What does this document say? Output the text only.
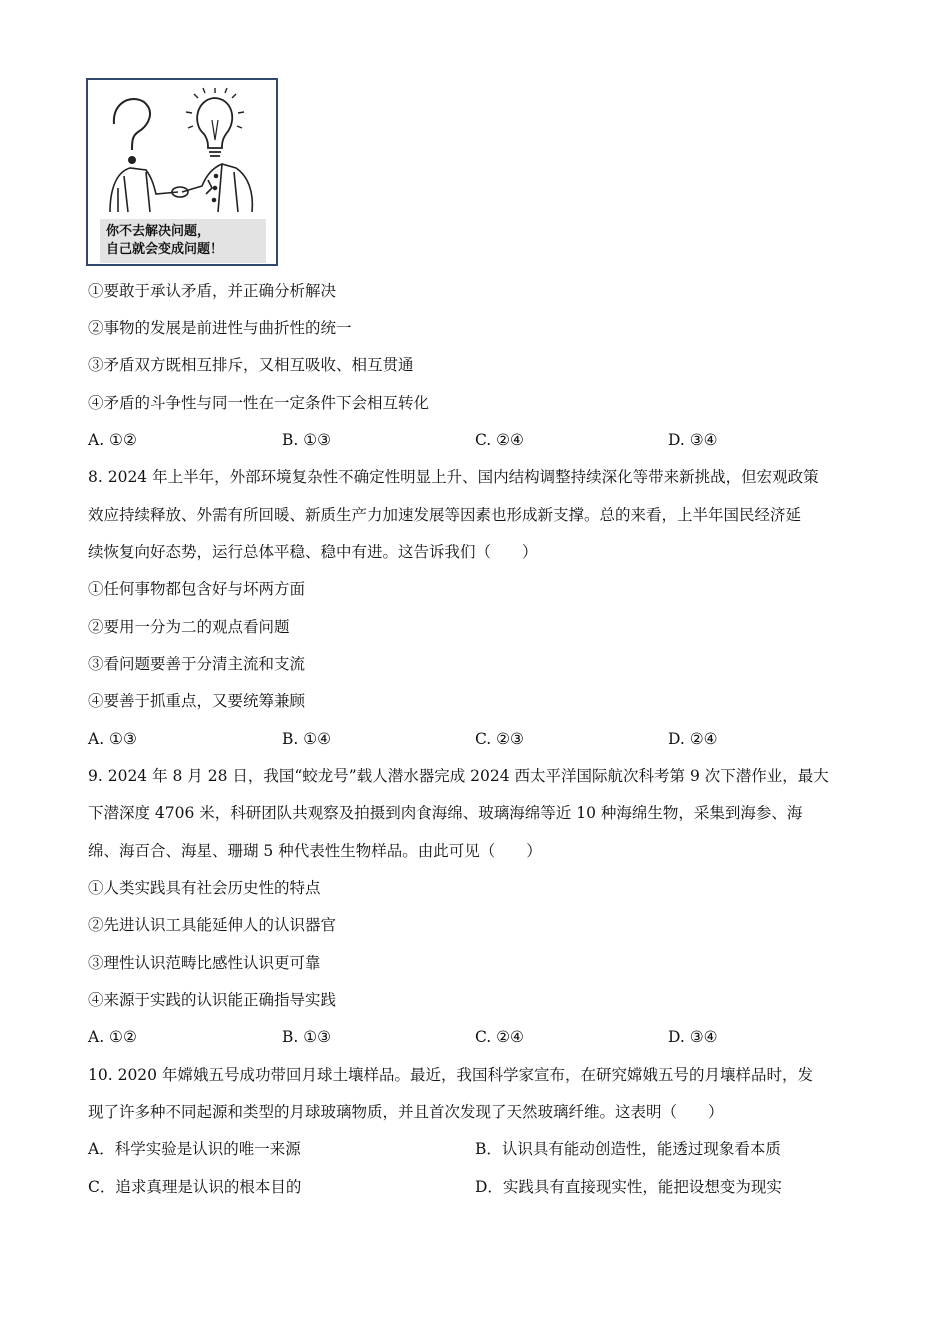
你不去解决问题，
自己就会变成问题！
①要敢于承认矛盾，并正确分析解决
②事物的发展是前进性与曲折性的统一
③矛盾双方既相互排斥，又相互吸收、相互贯通
④矛盾的斗争性与同一性在一定条件下会相互转化
A. ①②	B. ①③	C. ②④	D. ③④
8. 2024 年上半年，外部环境复杂性不确定性明显上升、国内结构调整持续深化等带来新挑战，但宏观政策
效应持续释放、外需有所回暖、新质生产力加速发展等因素也形成新支撑。总的来看，上半年国民经济延
续恢复向好态势，运行总体平稳、稳中有进。这告诉我们（　　）
①任何事物都包含好与坏两方面
②要用一分为二的观点看问题
③看问题要善于分清主流和支流
④要善于抓重点，又要统筹兼顾
A. ①③	B. ①④	C. ②③	D. ②④
9. 2024 年 8 月 28 日，我国“蛟龙号”载人潜水器完成 2024 西太平洋国际航次科考第 9 次下潜作业，最大
下潜深度 4706 米，科研团队共观察及拍摄到肉食海绵、玻璃海绵等近 10 种海绵生物，采集到海参、海
绵、海百合、海星、珊瑚 5 种代表性生物样品。由此可见（　　）
①人类实践具有社会历史性的特点
②先进认识工具能延伸人的认识器官
③理性认识范畴比感性认识更可靠
④来源于实践的认识能正确指导实践
A. ①②	B. ①③	C. ②④	D. ③④
10. 2020 年嫦娥五号成功带回月球土壤样品。最近，我国科学家宣布，在研究嫦娥五号的月壤样品时，发
现了许多种不同起源和类型的月球玻璃物质，并且首次发现了天然玻璃纤维。这表明（　　）
A．科学实验是认识的唯一来源	B．认识具有能动创造性，能透过现象看本质
C．追求真理是认识的根本目的	D．实践具有直接现实性，能把设想变为现实
